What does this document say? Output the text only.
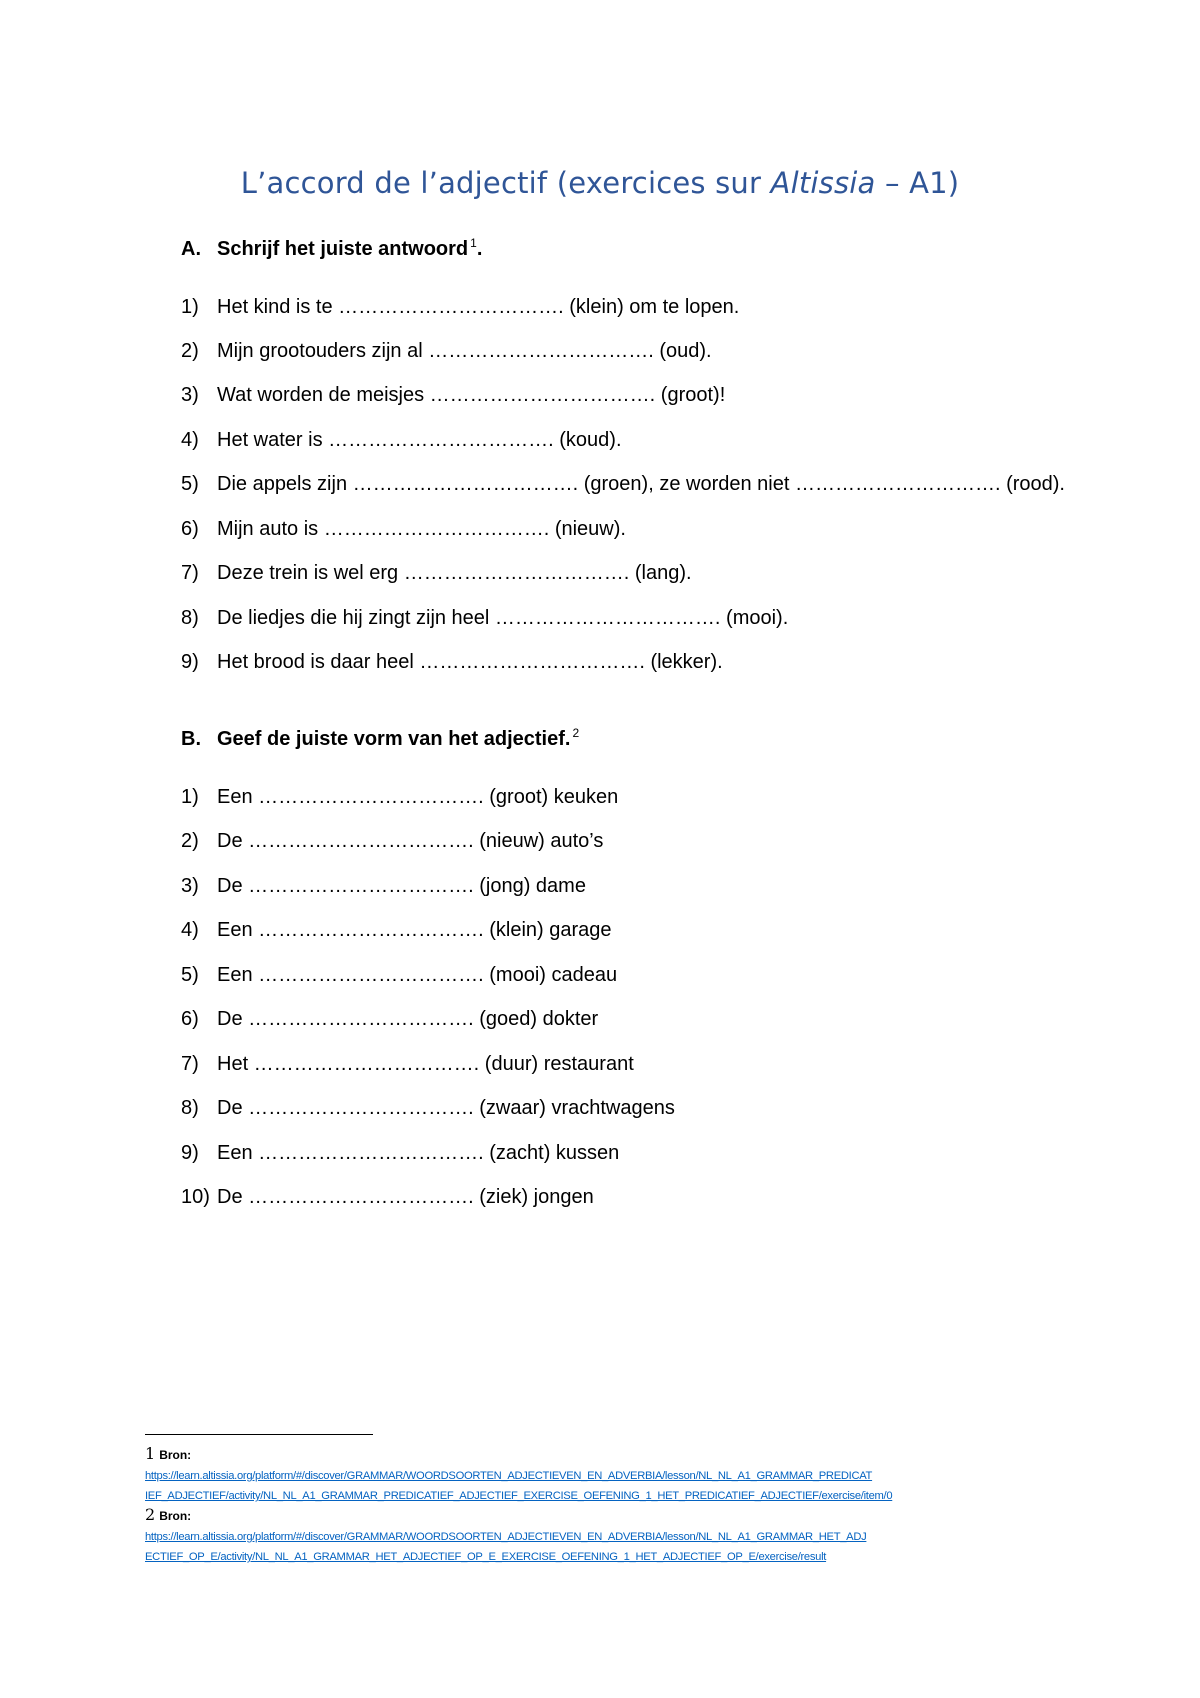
L’accord de l’adjectif (exercices sur Altissia – A1)
A. Schrijf het juiste antwoord $^1$.
1) Het kind is te ……………………………. (klein) om te lopen.
2) Mijn grootouders zijn al ……………………………. (oud).
3) Wat worden de meisjes ……………………………. (groot)!
4) Het water is ……………………………. (koud).
5) Die appels zijn ……………………………. (groen), ze worden niet …………………………. (rood).
6) Mijn auto is ……………………………. (nieuw).
7) Deze trein is wel erg ……………………………. (lang).
8) De liedjes die hij zingt zijn heel ……………………………. (mooi).
9) Het brood is daar heel ……………………………. (lekker).
B. Geef de juiste vorm van het adjectief. $^2$
1) Een ……………………………. (groot) keuken
2) De ……………………………. (nieuw) auto’s
3) De ……………………………. (jong) dame
4) Een ……………………………. (klein) garage
5) Een ……………………………. (mooi) cadeau
6) De ……………………………. (goed) dokter
7) Het ……………………………. (duur) restaurant
8) De ……………………………. (zwaar) vrachtwagens
9) Een ……………………………. (zacht) kussen
10) De ……………………………. (ziek) jongen
1 Bron:
https://learn.altissia.org/platform/#/discover/GRAMMAR/WOORDSOORTEN_ADJECTIEVEN_EN_ADVERBIA/lesson/NL_NL_A1_GRAMMAR_PREDICAT
IEF_ADJECTIEF/activity/NL_NL_A1_GRAMMAR_PREDICATIEF_ADJECTIEF_EXERCISE_OEFENING_1_HET_PREDICATIEF_ADJECTIEF/exercise/item/0
2 Bron:
https://learn.altissia.org/platform/#/discover/GRAMMAR/WOORDSOORTEN_ADJECTIEVEN_EN_ADVERBIA/lesson/NL_NL_A1_GRAMMAR_HET_ADJ
ECTIEF_OP_E/activity/NL_NL_A1_GRAMMAR_HET_ADJECTIEF_OP_E_EXERCISE_OEFENING_1_HET_ADJECTIEF_OP_E/exercise/result
